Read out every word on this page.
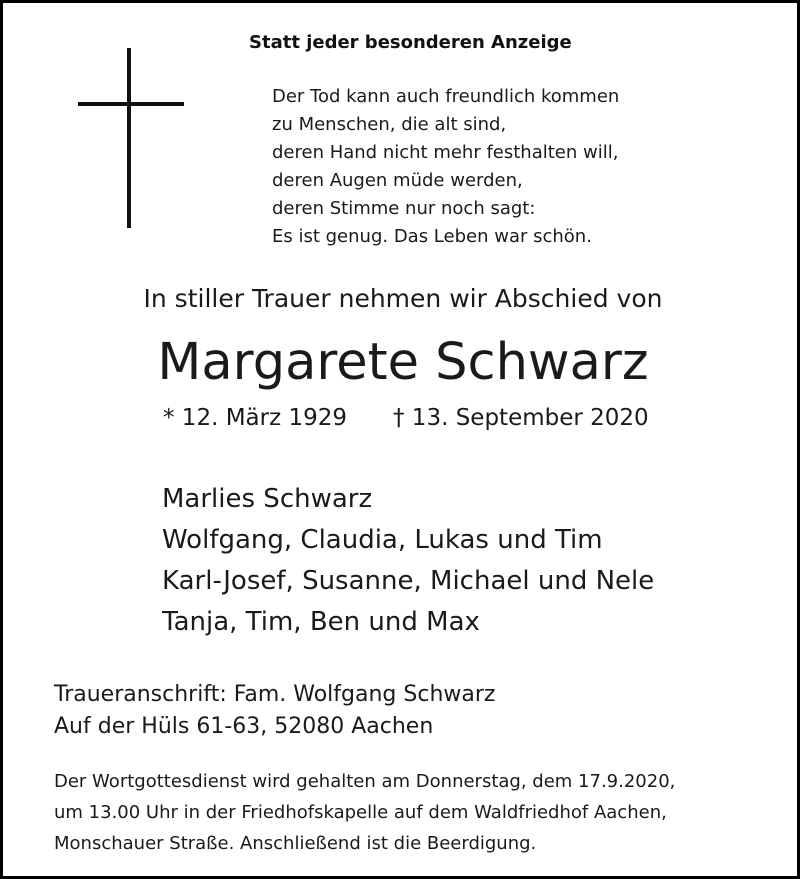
Statt jeder besonderen Anzeige
Der Tod kann auch freundlich kommen
zu Menschen, die alt sind,
deren Hand nicht mehr festhalten will,
deren Augen müde werden,
deren Stimme nur noch sagt:
Es ist genug. Das Leben war schön.
In stiller Trauer nehmen wir Abschied von
Margarete Schwarz
* 12. März 1929 † 13. September 2020
Marlies Schwarz
Wolfgang, Claudia, Lukas und Tim
Karl-Josef, Susanne, Michael und Nele
Tanja, Tim, Ben und Max
Traueranschrift: Fam. Wolfgang Schwarz
Auf der Hüls 61-63, 52080 Aachen
Der Wortgottesdienst wird gehalten am Donnerstag, dem 17.9.2020,
um 13.00 Uhr in der Friedhofskapelle auf dem Waldfriedhof Aachen,
Monschauer Straße. Anschließend ist die Beerdigung.
